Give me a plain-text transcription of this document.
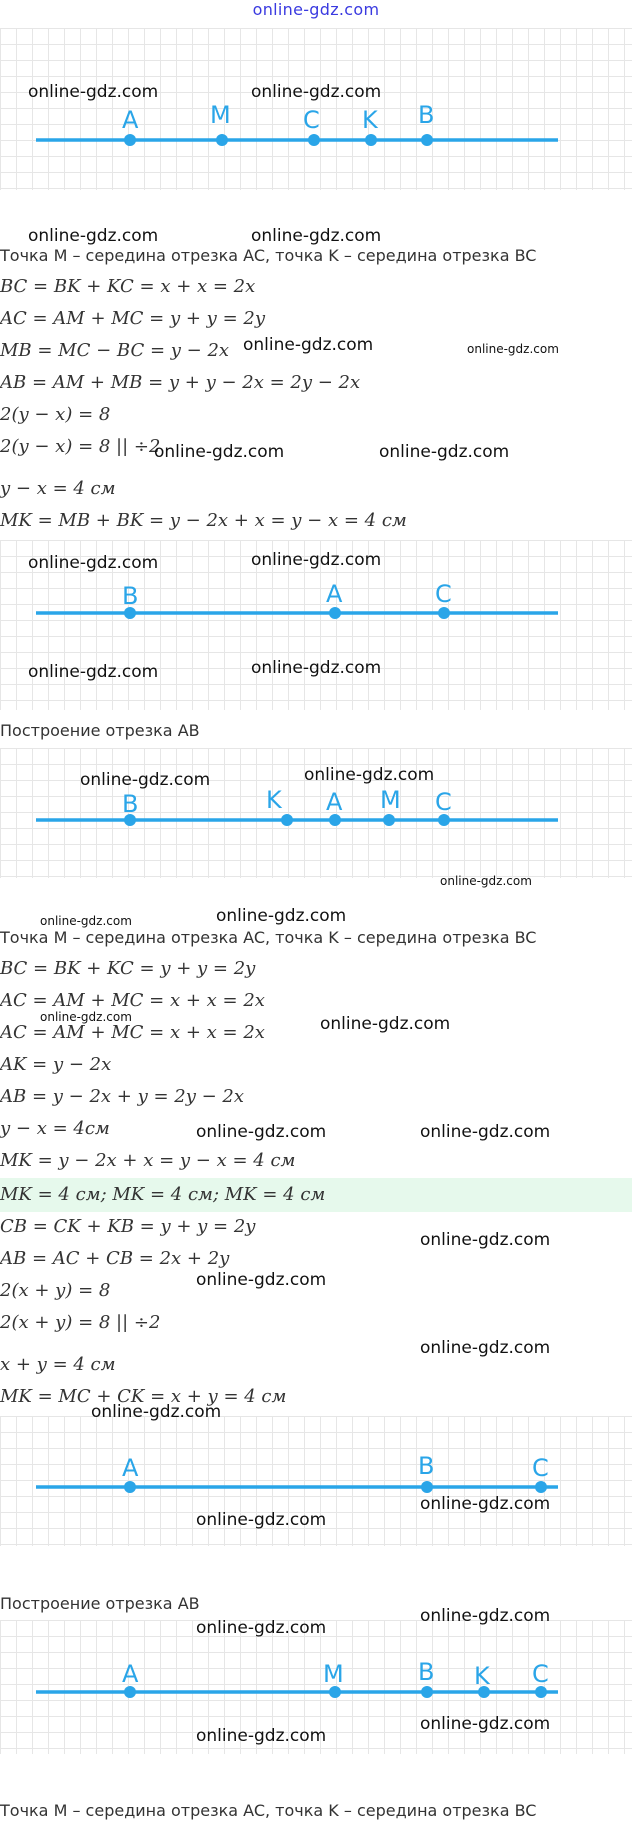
online-gdz.com
A	M	C K B
Точка M – середина отрезка AC, точка K – середина отрезка BC
BC = BK + KC = x + x = 2x
AC = AM + MC = y + y = 2y
MB = MC − BC = y − 2x
AB = AM + MB = y + y − 2x = 2y − 2x
2(y − x) = 8
2(y − x) = 8 || ÷2
y − x = 4 см
MK = MB + BK = y − 2x + x = y − x = 4 см
B	A	C
Построение отрезка AB
B	K A M C
Точка M – середина отрезка AC, точка K – середина отрезка BC
BC = BK + KC = y + y = 2y
AC = AM + MC = x + x = 2x
AC = AM + MC = x + x = 2x
AK = y − 2x
AB = y − 2x + y = 2y − 2x
y − x = 4см
MK = y − 2x + x = y − x = 4 см
MK = 4 см; MK = 4 см; MK = 4 см
CB = CK + KB = y + y = 2y
AB = AC + CB = 2x + 2y
2(x + y) = 8
2(x + y) = 8 || ÷2
x + y = 4 см
MK = MC + CK = x + y = 4 см
A	B	C
Построение отрезка AB
A	M	B K C
Точка M – середина отрезка AC, точка K – середина отрезка BC
online-gdz.com	online-gdz.com
online-gdz.com	online-gdz.com
online-gdz.com	online-gdz.com
online-gdz.com	online-gdz.com
online-gdz.com	online-gdz.com
online-gdz.com	online-gdz.com
online-gdz.com	online-gdz.com
online-gdz.com
online-gdz.com	online-gdz.com
online-gdz.com	online-gdz.com
online-gdz.com	online-gdz.com
online-gdz.com
online-gdz.com
online-gdz.com
online-gdz.com
online-gdz.com
online-gdz.com
online-gdz.com
online-gdz.com
online-gdz.com
online-gdz.com
